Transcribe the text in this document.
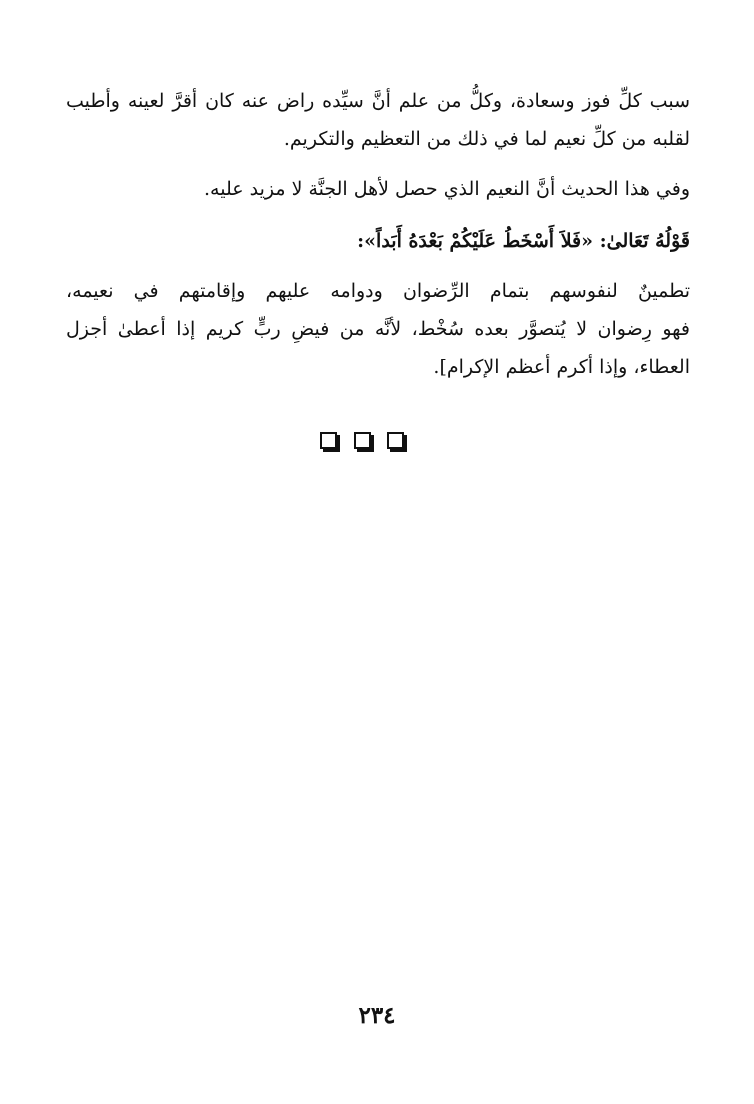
سبب كلِّ فوز وسعادة، وكلُّ من علم أنَّ سيِّده راض عنه كان أقرَّ لعينه وأطيب
لقلبه من كلِّ نعيم لما في ذلك من التعظيم والتكريم.
وفي هذا الحديث أنَّ النعيم الذي حصل لأهل الجنَّة لا مزيد عليه.
قَوْلُهُ تَعَالىٰ: «فَلاَ أَسْخَطُ عَلَيْكُمْ بَعْدَهُ أَبَداً»:
تطمينٌ لنفوسهم بتمام الرِّضوان ودوامه عليهم وإقامتهم في نعيمه،
فهو رِضوان لا يُتصوَّر بعده سُخْط، لأنَّه من فيضِ ربٍّ كريم إذا أعطىٰ أجزل
العطاء، وإذا أكرم أعظم الإكرام].
٢٣٤
